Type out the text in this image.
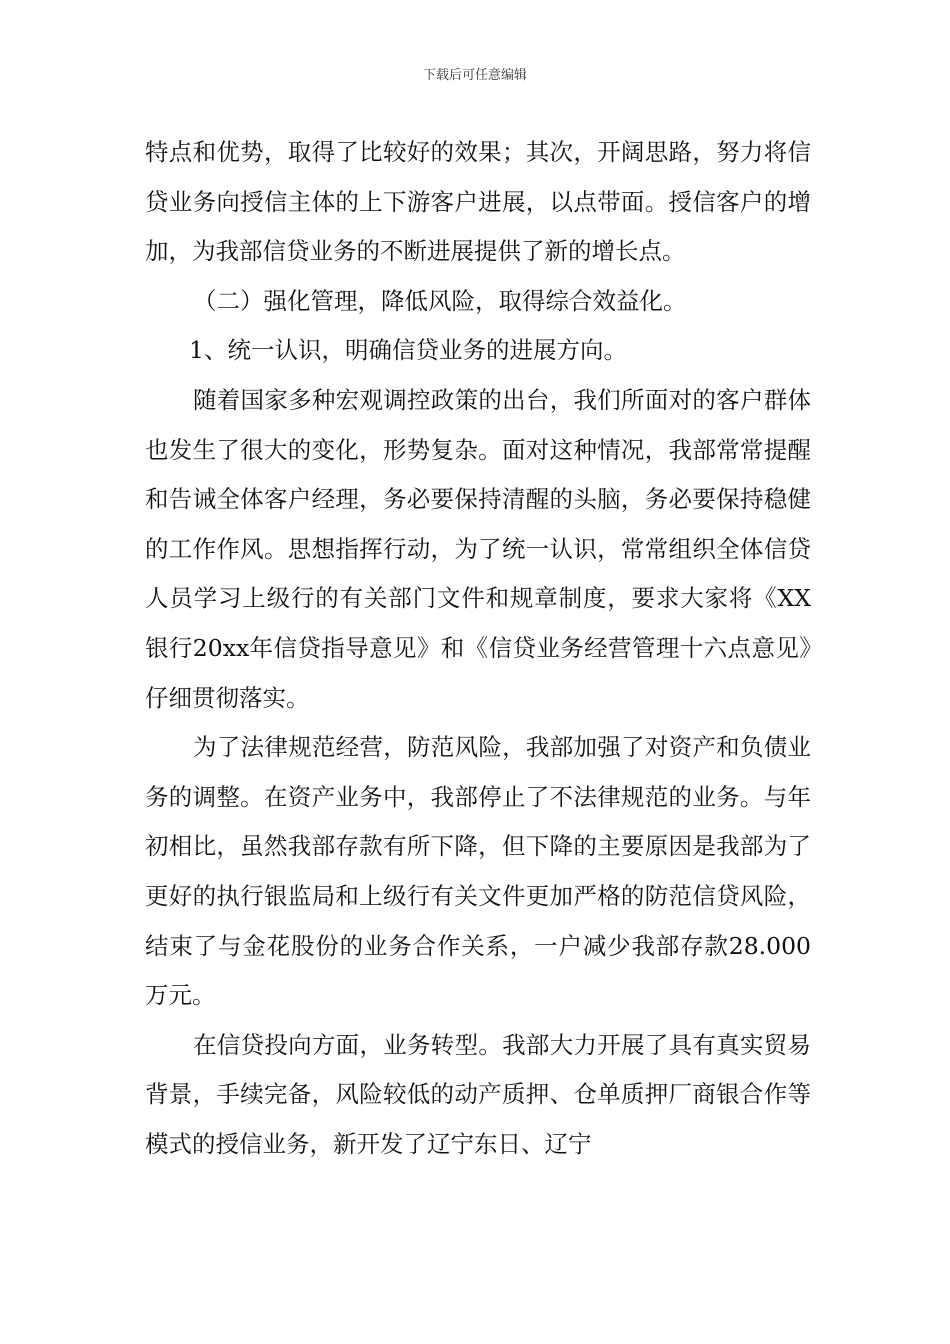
下载后可任意编辑

特点和优势，取得了比较好的效果；其次，开阔思路，努力将信贷业务向授信主体的上下游客户进展，以点带面。授信客户的增加，为我部信贷业务的不断进展提供了新的增长点。

（二）强化管理，降低风险，取得综合效益化。

1、统一认识，明确信贷业务的进展方向。

随着国家多种宏观调控政策的出台，我们所面对的客户群体也发生了很大的变化，形势复杂。面对这种情况，我部常常提醒和告诫全体客户经理，务必要保持清醒的头脑，务必要保持稳健的工作作风。思想指挥行动，为了统一认识，常常组织全体信贷人员学习上级行的有关部门文件和规章制度，要求大家将《XX银行20xx年信贷指导意见》和《信贷业务经营管理十六点意见》仔细贯彻落实。

为了法律规范经营，防范风险，我部加强了对资产和负债业务的调整。在资产业务中，我部停止了不法律规范的业务。与年初相比，虽然我部存款有所下降，但下降的主要原因是我部为了更好的执行银监局和上级行有关文件更加严格的防范信贷风险，结束了与金花股份的业务合作关系，一户减少我部存款28.000万元。

在信贷投向方面，业务转型。我部大力开展了具有真实贸易背景，手续完备，风险较低的动产质押、仓单质押厂商银合作等模式的授信业务，新开发了辽宁东日、辽宁
